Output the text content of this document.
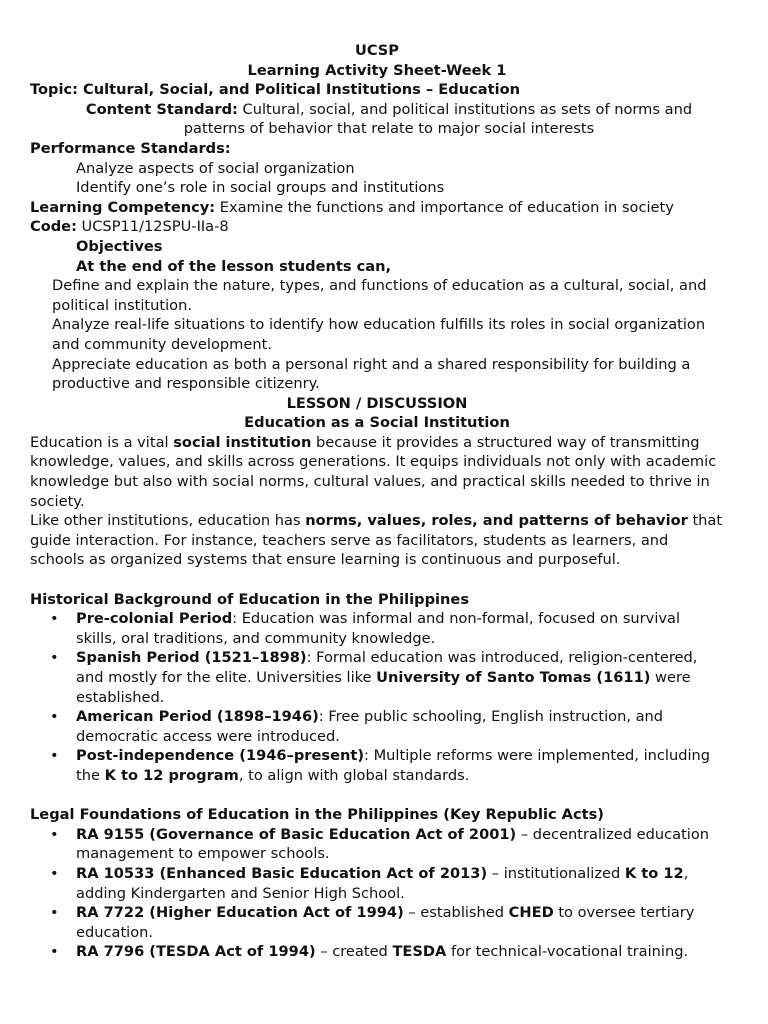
UCSP
Learning Activity Sheet-Week 1
Topic: Cultural, Social, and Political Institutions – Education
Content Standard: Cultural, social, and political institutions as sets of norms and
patterns of behavior that relate to major social interests
Performance Standards:
Analyze aspects of social organization
Identify one’s role in social groups and institutions
Learning Competency: Examine the functions and importance of education in society
Code: UCSP11/12SPU-IIa-8
Objectives
At the end of the lesson students can,
Define and explain the nature, types, and functions of education as a cultural, social, and political institution.
Analyze real-life situations to identify how education fulfills its roles in social organization and community development.
Appreciate education as both a personal right and a shared responsibility for building a productive and responsible citizenry.
LESSON / DISCUSSION
Education as a Social Institution

Education is a vital social institution because it provides a structured way of transmitting knowledge, values, and skills across generations. It equips individuals not only with academic knowledge but also with social norms, cultural values, and practical skills needed to thrive in society.

Like other institutions, education has norms, values, roles, and patterns of behavior that guide interaction. For instance, teachers serve as facilitators, students as learners, and schools as organized systems that ensure learning is continuous and purposeful.

Historical Background of Education in the Philippines
• Pre-colonial Period: Education was informal and non-formal, focused on survival skills, oral traditions, and community knowledge.
• Spanish Period (1521–1898): Formal education was introduced, religion-centered, and mostly for the elite. Universities like University of Santo Tomas (1611) were established.
• American Period (1898–1946): Free public schooling, English instruction, and democratic access were introduced.
• Post-independence (1946–present): Multiple reforms were implemented, including the K to 12 program, to align with global standards.
Legal Foundations of Education in the Philippines (Key Republic Acts)
• RA 9155 (Governance of Basic Education Act of 2001) – decentralized education management to empower schools.
• RA 10533 (Enhanced Basic Education Act of 2013) – institutionalized K to 12, adding Kindergarten and Senior High School.
• RA 7722 (Higher Education Act of 1994) – established CHED to oversee tertiary education.
• RA 7796 (TESDA Act of 1994) – created TESDA for technical-vocational training.
